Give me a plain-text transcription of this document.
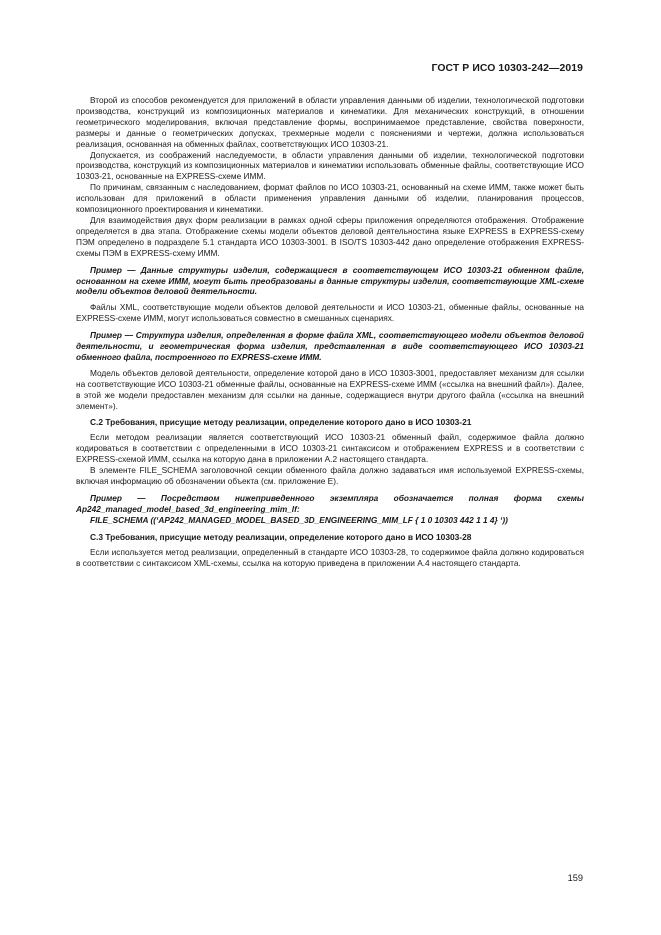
ГОСТ Р ИСО 10303-242—2019

Второй из способов рекомендуется для приложений в области управления данными об изделии, технологической подготовки производства, конструкций из композиционных материалов и кинематики. Для механических конструкций, в отношении геометрического моделирования, включая представление формы, воспринимаемое представление, свойства поверхности, размеры и данные о геометрических допусках, трехмерные модели с пояснениями и чертежи, должна использоваться реализация, основанная на обменных файлах, соответствующих ИСО 10303-21.

Допускается, из соображений наследуемости, в области управления данными об изделии, технологической подготовки производства, конструкций из композиционных материалов и кинематики использовать обменные файлы, соответствующие ИСО 10303-21, основанные на EXPRESS-схеме ИММ.

По причинам, связанным с наследованием, формат файлов по ИСО 10303-21, основанный на схеме ИММ, также может быть использован для приложений в области применения управления данными об изделии, планирования процессов, композиционного проектирования и кинематики.

Для взаимодействия двух форм реализации в рамках одной сферы приложения определяются отображения. Отображение определяется в два этапа. Отображение схемы модели объектов деловой деятельностина языке EXPRESS в EXPRESS-схему ПЭМ определено в подразделе 5.1 стандарта ИСО 10303-3001. В ISO/TS 10303-442 дано определение отображения EXPRESS-схемы ПЭМ в EXPRESS-схему ИММ.

Пример — Данные структуры изделия, содержащиеся в соответствующем ИСО 10303-21 обменном файле, основанном на схеме ИММ, могут быть преобразованы в данные структуры изделия, соответствующие XML-схеме модели объектов деловой деятельности.

Файлы XML, соответствующие модели объектов деловой деятельности и ИСО 10303-21, обменные файлы, основанные на EXPRESS-схеме ИММ, могут использоваться совместно в смешанных сценариях.

Пример — Структура изделия, определенная в форме файла XML, соответствующего модели объектов деловой деятельности, и геометрическая форма изделия, представленная в виде соответствующего ИСО 10303-21 обменного файла, построенного по EXPRESS-схеме ИММ.

Модель объектов деловой деятельности, определение которой дано в ИСО 10303-3001, предоставляет механизм для ссылки на соответствующие ИСО 10303-21 обменные файлы, основанные на EXPRESS-схеме ИММ («ссылка на внешний файл»). Далее, в этой же модели предоставлен механизм для ссылки на данные, содержащиеся внутри другого файла («ссылка на внешний элемент»).

С.2 Требования, присущие методу реализации, определение которого дано в ИСО 10303-21

Если методом реализации является соответствующий ИСО 10303-21 обменный файл, содержимое файла должно кодироваться в соответствии с определенными в ИСО 10303-21 синтаксисом и отображением EXPRESS и в соответствии с EXPRESS-схемой ИММ, ссылка на которую дана в приложении А.2 настоящего стандарта.

В элементе FILE_SCHEMA заголовочной секции обменного файла должно задаваться имя используемой EXPRESS-схемы, включая информацию об обозначении объекта (см. приложение Е).

Пример — Посредством нижеприведенного экземпляра обозначается полная форма схемы Ap242_managed_model_based_3d_engineering_mim_lf:

FILE_SCHEMA ((‘AP242_MANAGED_MODEL_BASED_3D_ENGINEERING_MIM_LF { 1 0 10303 442 1 1 4} ‘))

С.3 Требования, присущие методу реализации, определение которого дано в ИСО 10303-28

Если используется метод реализации, определенный в стандарте ИСО 10303-28, то содержимое файла должно кодироваться в соответствии с синтаксисом XML-схемы, ссылка на которую приведена в приложении А.4 настоящего стандарта.

159
